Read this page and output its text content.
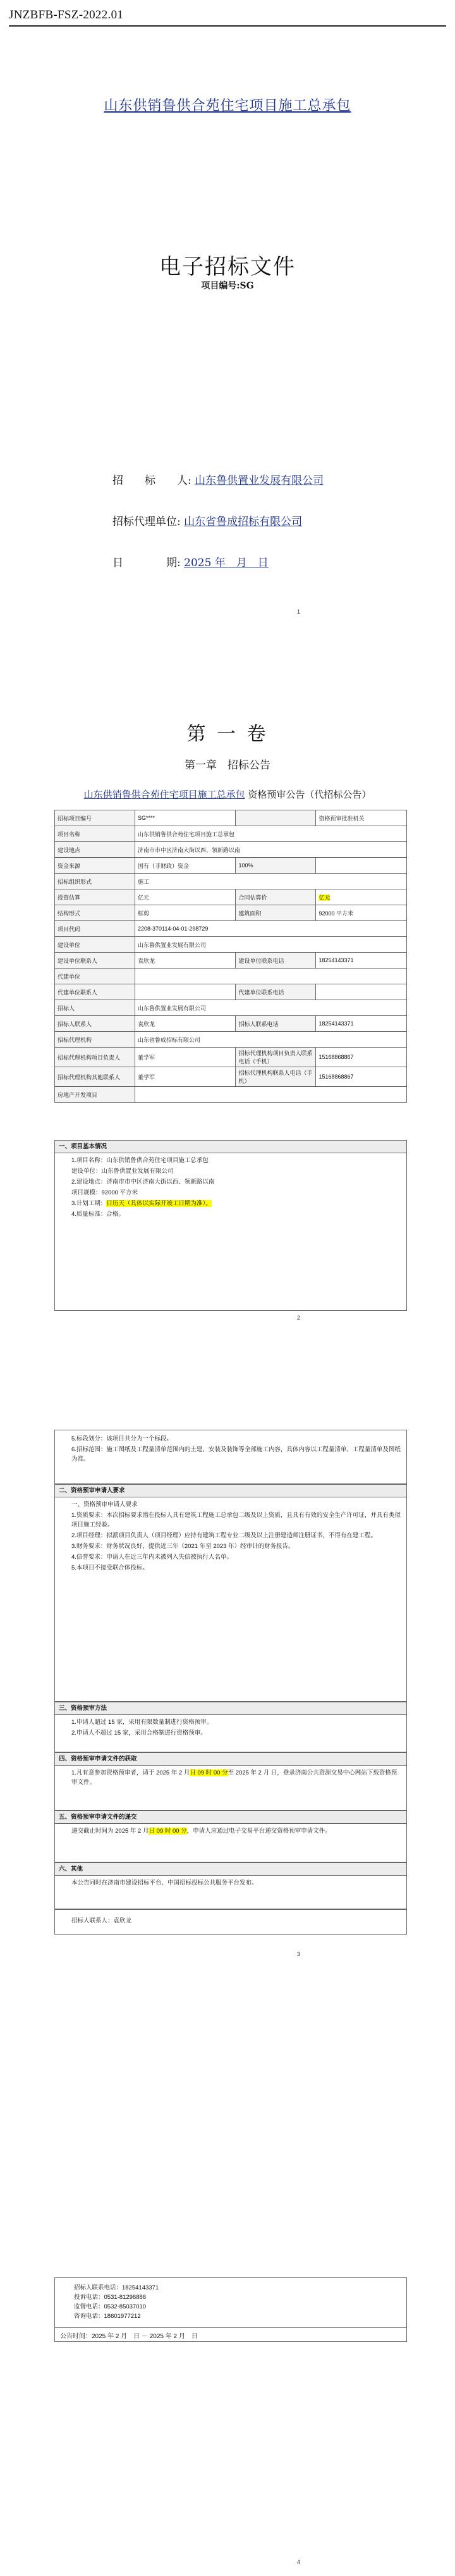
JNZBFB-FSZ-2022.01
山东供销鲁供合苑住宅项目施工总承包
电子招标文件
项目编号:SG
招　　标　　人: 山东鲁供置业发展有限公司
招标代理单位: 山东省鲁成招标有限公司
日　　　　期: 2025 年　月　日
1
第 一 卷
第一章　招标公告
山东供销鲁供合苑住宅项目施工总承包 资格预审公告（代招标公告）
招标项目编号	SG****		资格预审批准机关
项目名称	山东供销鲁供合苑住宅项目施工总承包		
建设地点	济南市市中区济南大街以西、领新路以南		
资金来源	国有（非财政）资金	100%	
招标组织形式	施工		
投资估算	亿元	合同估算价	亿元
结构形式	框剪	建筑面积	92000 平方米
项目代码	2208-370114-04-01-298729		
建设单位	山东鲁供置业发展有限公司		
建设单位联系人	袁欣龙	建设单位联系电话	18254143371
代建单位			
代建单位联系人		代建单位联系电话	
招标人	山东鲁供置业发展有限公司		
招标人联系人	袁欣龙	招标人联系电话	18254143371
招标代理机构	山东省鲁成招标有限公司		
招标代理机构项目负责人	董学军	招标代理机构项目负责人联系电话（手机）	15168868867
招标代理机构其他联系人	董学军	招标代理机构联系人电话（手机）	15168868867
房地产开发项目			
一、项目基本情况

1.项目名称：山东供销鲁供合苑住宅项目施工总承包

建设单位：山东鲁供置业发展有限公司

2.建设地点：济南市市中区济南大街以西、领新路以南

项目规模：92000 平方米

3.计划工期：日历天（具体以实际开竣工日期为准）。

4.质量标准：合格。

2

5.标段划分：该项目共分为一个标段。

6.招标范围：施工图纸及工程量清单范围内的土建、安装及装饰等全部施工内容，具体内容以工程量清单、工程量清单及图纸为准。

二、资格预审申请人要求

一、资格预审申请人要求

1.资质要求：本次招标要求潜在投标人具有建筑工程施工总承包二级及以上资质，且具有有效的安全生产许可证，并具有类似项目施工经验。

2.项目经理：拟派项目负责人（项目经理）应持有建筑工程专业二级及以上注册建造师注册证书，不得有在建工程。

3.财务要求：财务状况良好，提供近三年（2021 年至 2023 年）经审计的财务报告。

4.信誉要求：申请人在近三年内未被列入失信被执行人名单。

5.本项目不接受联合体投标。

三、资格预审方法

1.申请人超过 15 家，采用有限数量制进行资格预审。

2.申请人不超过 15 家，采用合格制进行资格预审。

四、资格预审申请文件的获取

1.凡有意参加资格预审者，请于 2025 年 2 月日 09 时 00 分至 2025 年 2 月 日，登录济南公共资源交易中心网站下载资格预审文件。

五、资格预审申请文件的递交

递交截止时间为 2025 年 2 月日 09 时 00 分，申请人应通过电子交易平台递交资格预审申请文件。

六、其他

本公告同时在济南市建设招标平台、中国招标投标公共服务平台发布。

招标人联系人：袁欣龙

3
招标人联系电话：18254143371
投诉电话：0531-81296886
监督电话：0532-85037010
咨询电话：18601977212
公告时间：2025 年 2 月　日 － 2025 年 2 月　日
4
